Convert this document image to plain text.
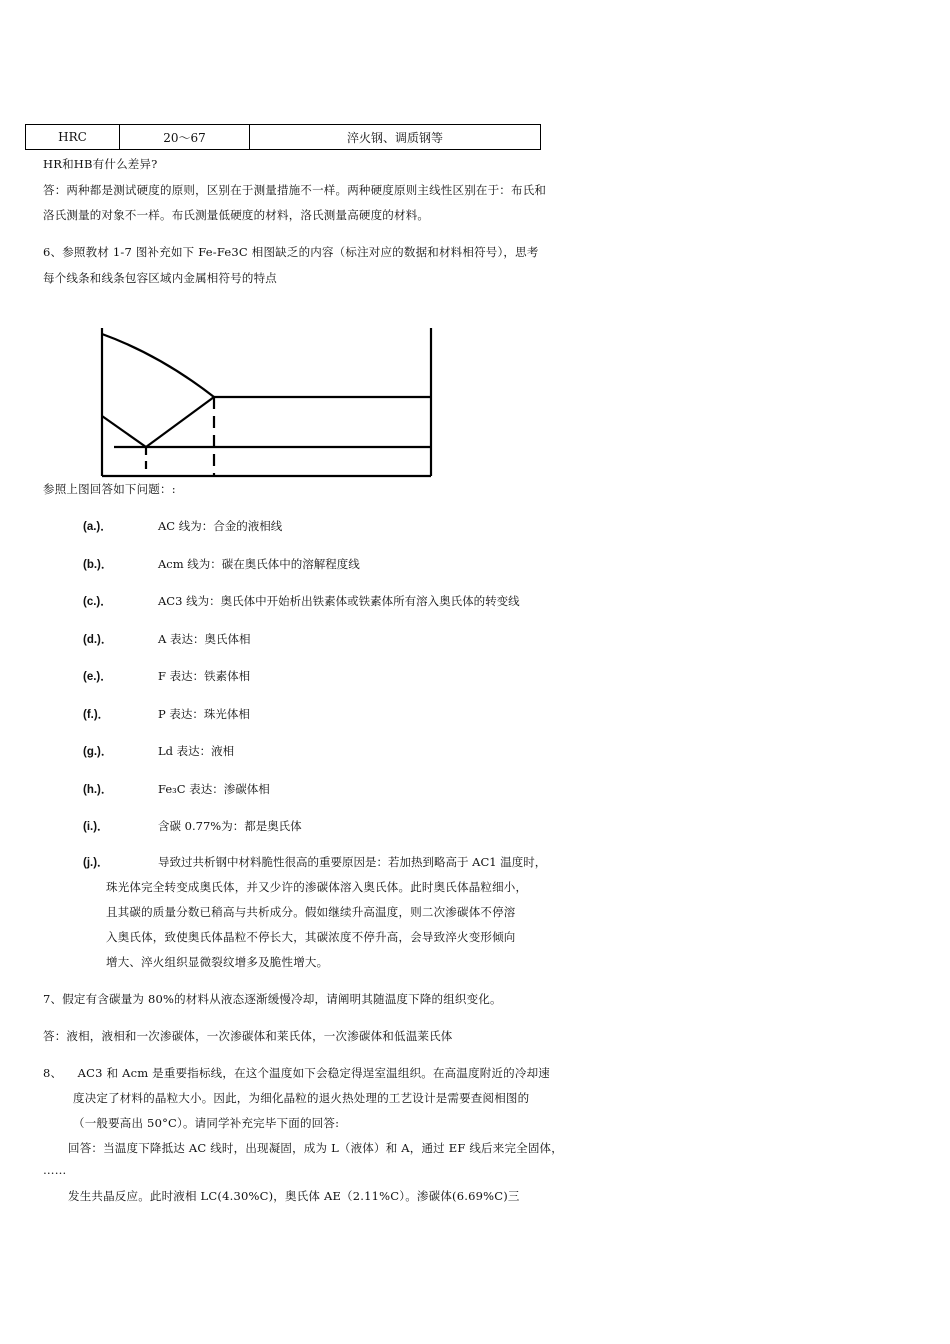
HRC	20～67	淬火钢、调质钢等
HR和HB有什么差异?
答：两种都是测试硬度的原则，区别在于测量措施不一样。两种硬度原则主线性区别在于：布氏和
洛氏测量的对象不一样。布氏测量低硬度的材料，洛氏测量高硬度的材料。
6、参照教材 1-7 图补充如下 Fe-Fe3C 相图缺乏的内容（标注对应的数据和材料相符号），思考
每个线条和线条包容区域内金属相符号的特点
参照上图回答如下问题：:
(a.)．	AC 线为：合金的液相线
(b.)．	Acm 线为：碳在奥氏体中的溶解程度线
(c.)．	AC3 线为：奥氏体中开始析出铁素体或铁素体所有溶入奥氏体的转变线
(d.)．	A 表达：奥氏体相
(e.)．	F 表达：铁素体相
(f.)．	P 表达：珠光体相
(g.)．	Ld 表达：液相
(h.)．	Fe₃C 表达：渗碳体相
(i.)．	含碳 0.77%为：都是奥氏体
(j.)．	导致过共析钢中材料脆性很高的重要原因是：若加热到略高于 AC1 温度时，
珠光体完全转变成奥氏体，并又少许的渗碳体溶入奥氏体。此时奥氏体晶粒细小，
且其碳的质量分数已稍高与共析成分。假如继续升高温度，则二次渗碳体不停溶
入奥氏体，致使奥氏体晶粒不停长大，其碳浓度不停升高，会导致淬火变形倾向
增大、淬火组织显微裂纹增多及脆性增大。
7、假定有含碳量为 80%的材料从液态逐渐缓慢冷却，请阐明其随温度下降的组织变化。
答：液相，液相和一次渗碳体，一次渗碳体和莱氏体，一次渗碳体和低温莱氏体
8、    AC3 和 Acm 是重要指标线，在这个温度如下会稳定得逞室温组织。在高温度附近的冷却速
度决定了材料的晶粒大小。因此，为细化晶粒的退火热处理的工艺设计是需要查阅相图的
（一般要高出 50°C）。请同学补充完毕下面的回答:
回答：当温度下降抵达 AC 线时，出现凝固，成为 L（液体）和 A，通过 EF 线后来完全固体，
……
发生共晶反应。此时液相 LC(4.30%C)，奥氏体 AE（2.11%C）。渗碳体(6.69%C)三
